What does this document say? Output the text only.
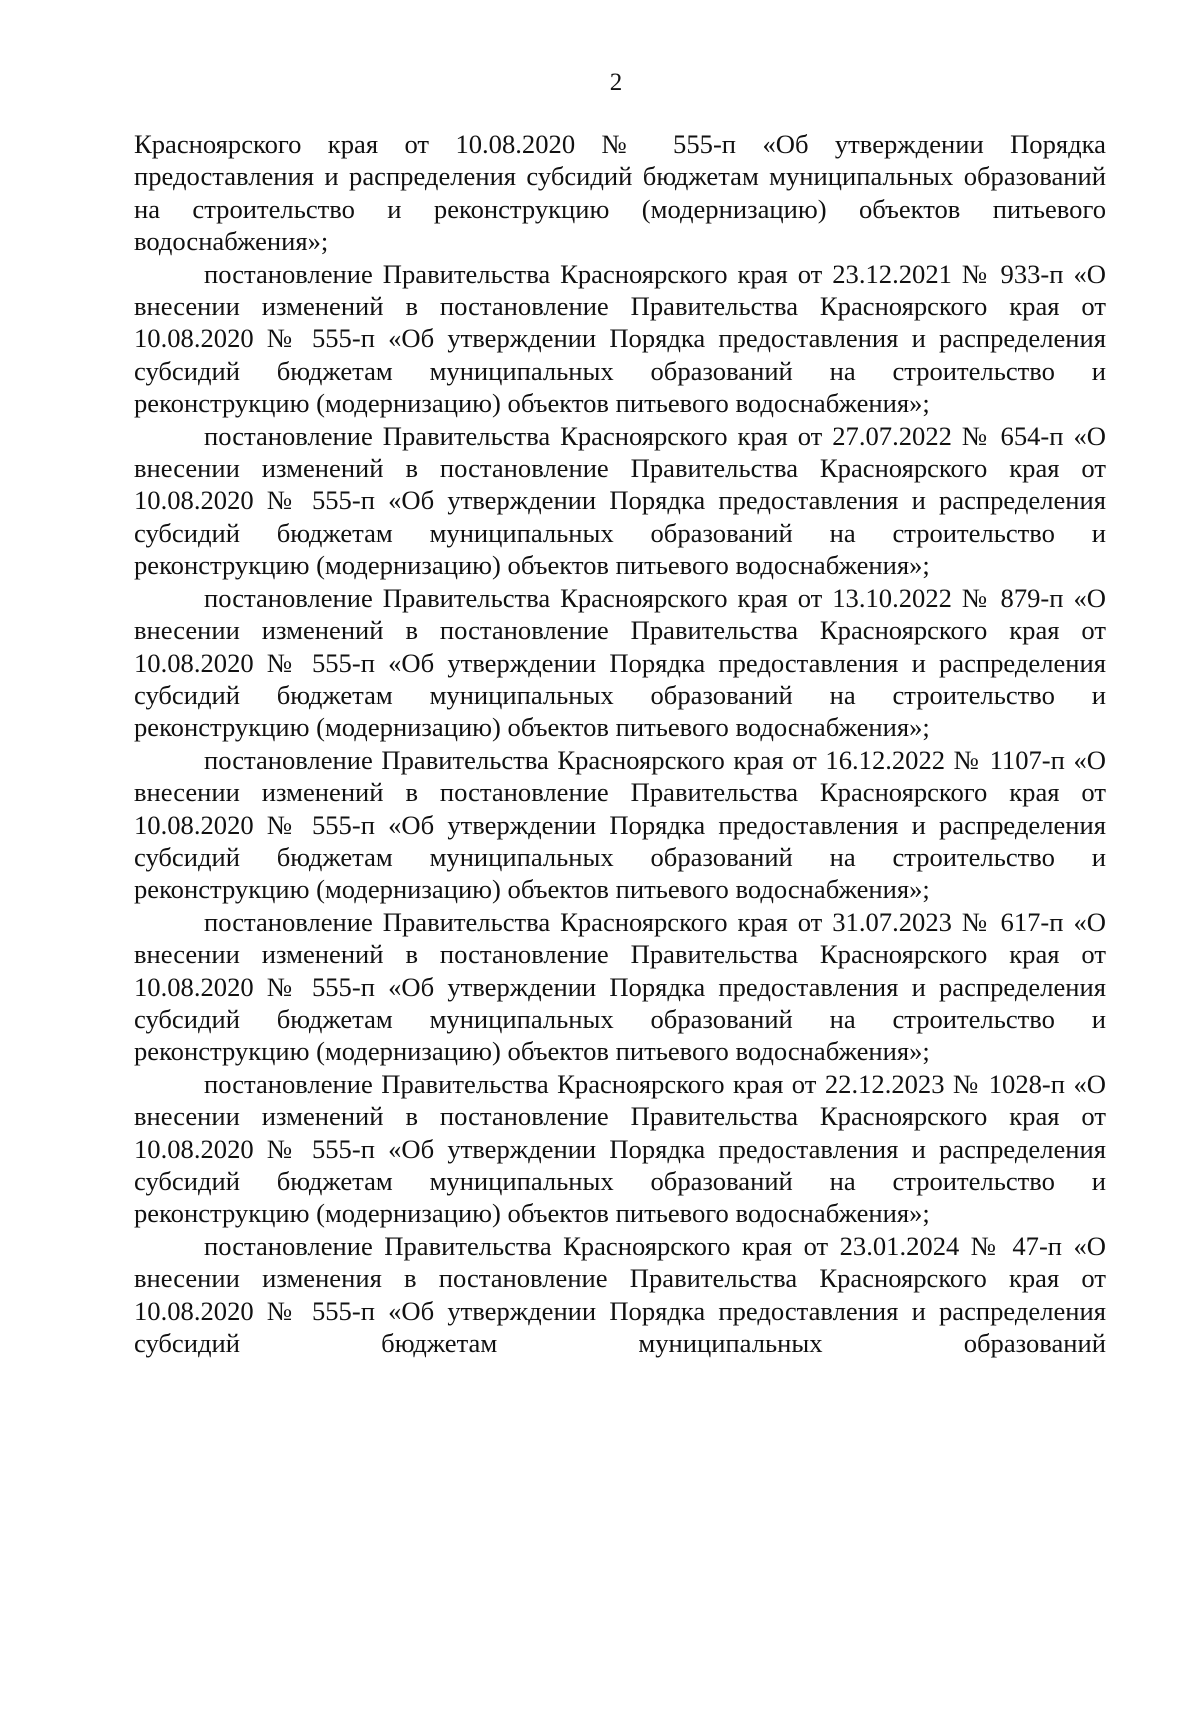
2

Красноярского края от 10.08.2020 № 555-п «Об утверждении Порядка предоставления и распределения субсидий бюджетам муниципальных образований на строительство и реконструкцию (модернизацию) объектов питьевого водоснабжения»;

постановление Правительства Красноярского края от 23.12.2021 № 933-п «О внесении изменений в постановление Правительства Красноярского края от 10.08.2020 № 555-п «Об утверждении Порядка предоставления и распределения субсидий бюджетам муниципальных образований на строительство и реконструкцию (модернизацию) объектов питьевого водоснабжения»;

постановление Правительства Красноярского края от 27.07.2022 № 654-п «О внесении изменений в постановление Правительства Красноярского края от 10.08.2020 № 555-п «Об утверждении Порядка предоставления и распределения субсидий бюджетам муниципальных образований на строительство и реконструкцию (модернизацию) объектов питьевого водоснабжения»;

постановление Правительства Красноярского края от 13.10.2022 № 879-п «О внесении изменений в постановление Правительства Красноярского края от 10.08.2020 № 555-п «Об утверждении Порядка предоставления и распределения субсидий бюджетам муниципальных образований на строительство и реконструкцию (модернизацию) объектов питьевого водоснабжения»;

постановление Правительства Красноярского края от 16.12.2022 № 1107-п «О внесении изменений в постановление Правительства Красноярского края от 10.08.2020 № 555-п «Об утверждении Порядка предоставления и распределения субсидий бюджетам муниципальных образований на строительство и реконструкцию (модернизацию) объектов питьевого водоснабжения»;

постановление Правительства Красноярского края от 31.07.2023 № 617-п «О внесении изменений в постановление Правительства Красноярского края от 10.08.2020 № 555-п «Об утверждении Порядка предоставления и распределения субсидий бюджетам муниципальных образований на строительство и реконструкцию (модернизацию) объектов питьевого водоснабжения»;

постановление Правительства Красноярского края от 22.12.2023 № 1028-п «О внесении изменений в постановление Правительства Красноярского края от 10.08.2020 № 555-п «Об утверждении Порядка предоставления и распределения субсидий бюджетам муниципальных образований на строительство и реконструкцию (модернизацию) объектов питьевого водоснабжения»;

постановление Правительства Красноярского края от 23.01.2024 № 47-п «О внесении изменения в постановление Правительства Красноярского края от 10.08.2020 № 555-п «Об утверждении Порядка предоставления и распределения субсидий бюджетам муниципальных образований
